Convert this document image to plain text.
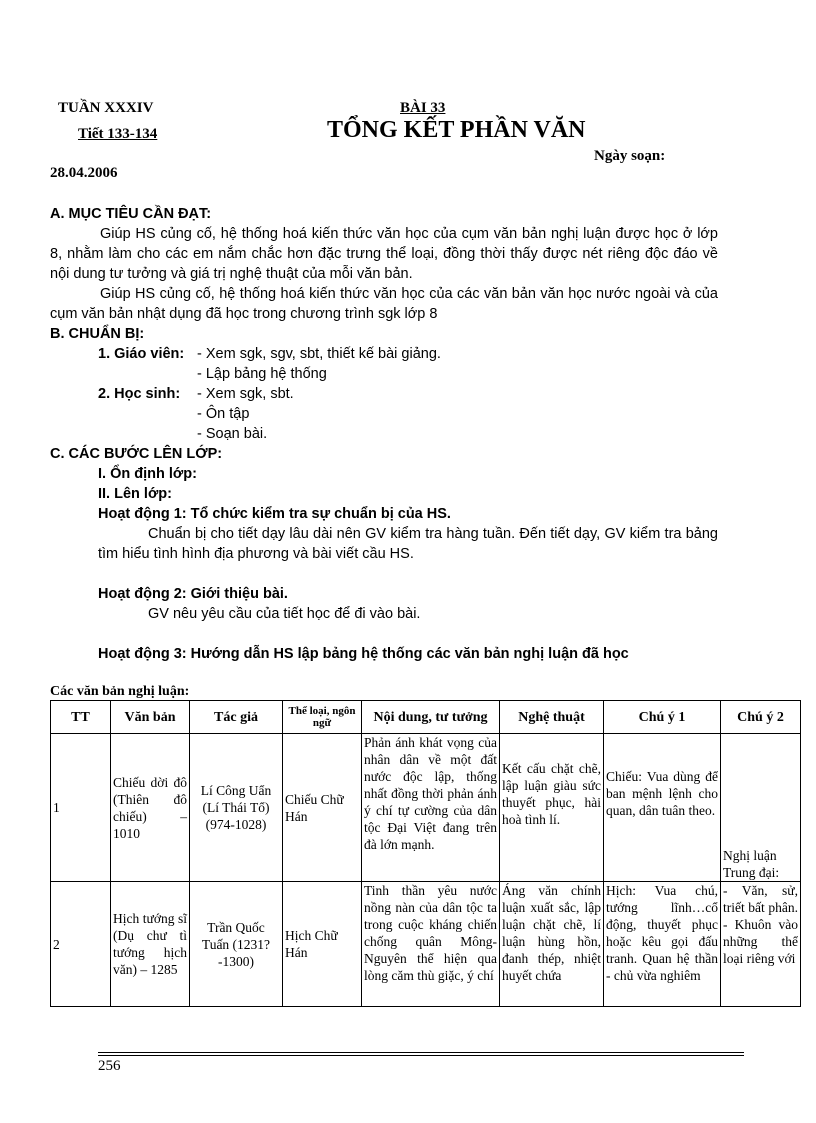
TUẦN XXXIV
Tiết 133-134
BÀI 33
TỔNG KẾT PHẦN VĂN
Ngày soạn:
28.04.2006
A. MỤC TIÊU CẦN ĐẠT:
Giúp HS củng cố, hệ thống hoá kiến thức văn học của cụm văn bản nghị luận được học ở lớp 8, nhằm làm cho các em nắm chắc hơn đặc trưng thể loại, đồng thời thấy được nét riêng độc đáo về nội dung tư tưởng và giá trị nghệ thuật của mỗi văn bản.
Giúp HS củng cố, hệ thống hoá kiến thức văn học của các văn bản văn học nước ngoài và của cụm văn bản nhật dụng đã học trong chương trình sgk lớp 8
B. CHUẨN BỊ:
1. Giáo viên: - Xem sgk, sgv, sbt, thiết kế bài giảng.
- Lập bảng hệ thống
2. Học sinh: - Xem sgk, sbt.
- Ôn tập
- Soạn bài.
C. CÁC BƯỚC LÊN LỚP:
I. Ổn định lớp:
II. Lên lớp:
Hoạt động 1: Tổ chức kiểm tra sự chuẩn bị của HS.
Chuẩn bị cho tiết dạy lâu dài nên GV kiểm tra hàng tuần. Đến tiết dạy, GV kiểm tra bảng tìm hiểu tình hình địa phương và bài viết cầu HS.
Hoạt động 2: Giới thiệu bài.
GV nêu yêu cầu của tiết học để đi vào bài.
Hoạt động 3: Hướng dẫn HS lập bảng hệ thống các văn bản nghị luận đã học
Các văn bản nghị luận:
TT	Văn bản	Tác giả	Thể loại, ngôn ngữ	Nội dung, tư tưởng	Nghệ thuật	Chú ý 1	Chú ý 2
1	Chiếu dời đô (Thiên đô chiếu) – 1010	Lí Công Uẩn (Lí Thái Tổ) (974-1028)	Chiếu Chữ Hán	Phản ánh khát vọng của nhân dân về một đất nước độc lập, thống nhất đồng thời phản ánh ý chí tự cường của dân tộc Đại Việt đang trên đà lớn mạnh.	Kết cấu chặt chẽ, lập luận giàu sức thuyết phục, hài hoà tình lí.	Chiếu: Vua dùng để ban mệnh lệnh cho quan, dân tuân theo.	Nghị luận Trung đại:
2	Hịch tướng sĩ (Dụ chư tì tướng hịch văn) – 1285	Trần Quốc Tuấn (1231?-1300)	Hịch Chữ Hán	Tinh thần yêu nước nồng nàn của dân tộc ta trong cuộc kháng chiến chống quân Mông-Nguyên thể hiện qua lòng căm thù giặc, ý chí	Áng văn chính luận xuất sắc, lập luận chặt chẽ, lí luận hùng hồn, đanh thép, nhiệt huyết chứa	Hịch: Vua chú, tướng lĩnh…cổ động, thuyết phục hoặc kêu gọi đấu tranh. Quan hệ thần - chủ vừa nghiêm	- Văn, sử, triết bất phân. - Khuôn vào những thể loại riêng với
256
